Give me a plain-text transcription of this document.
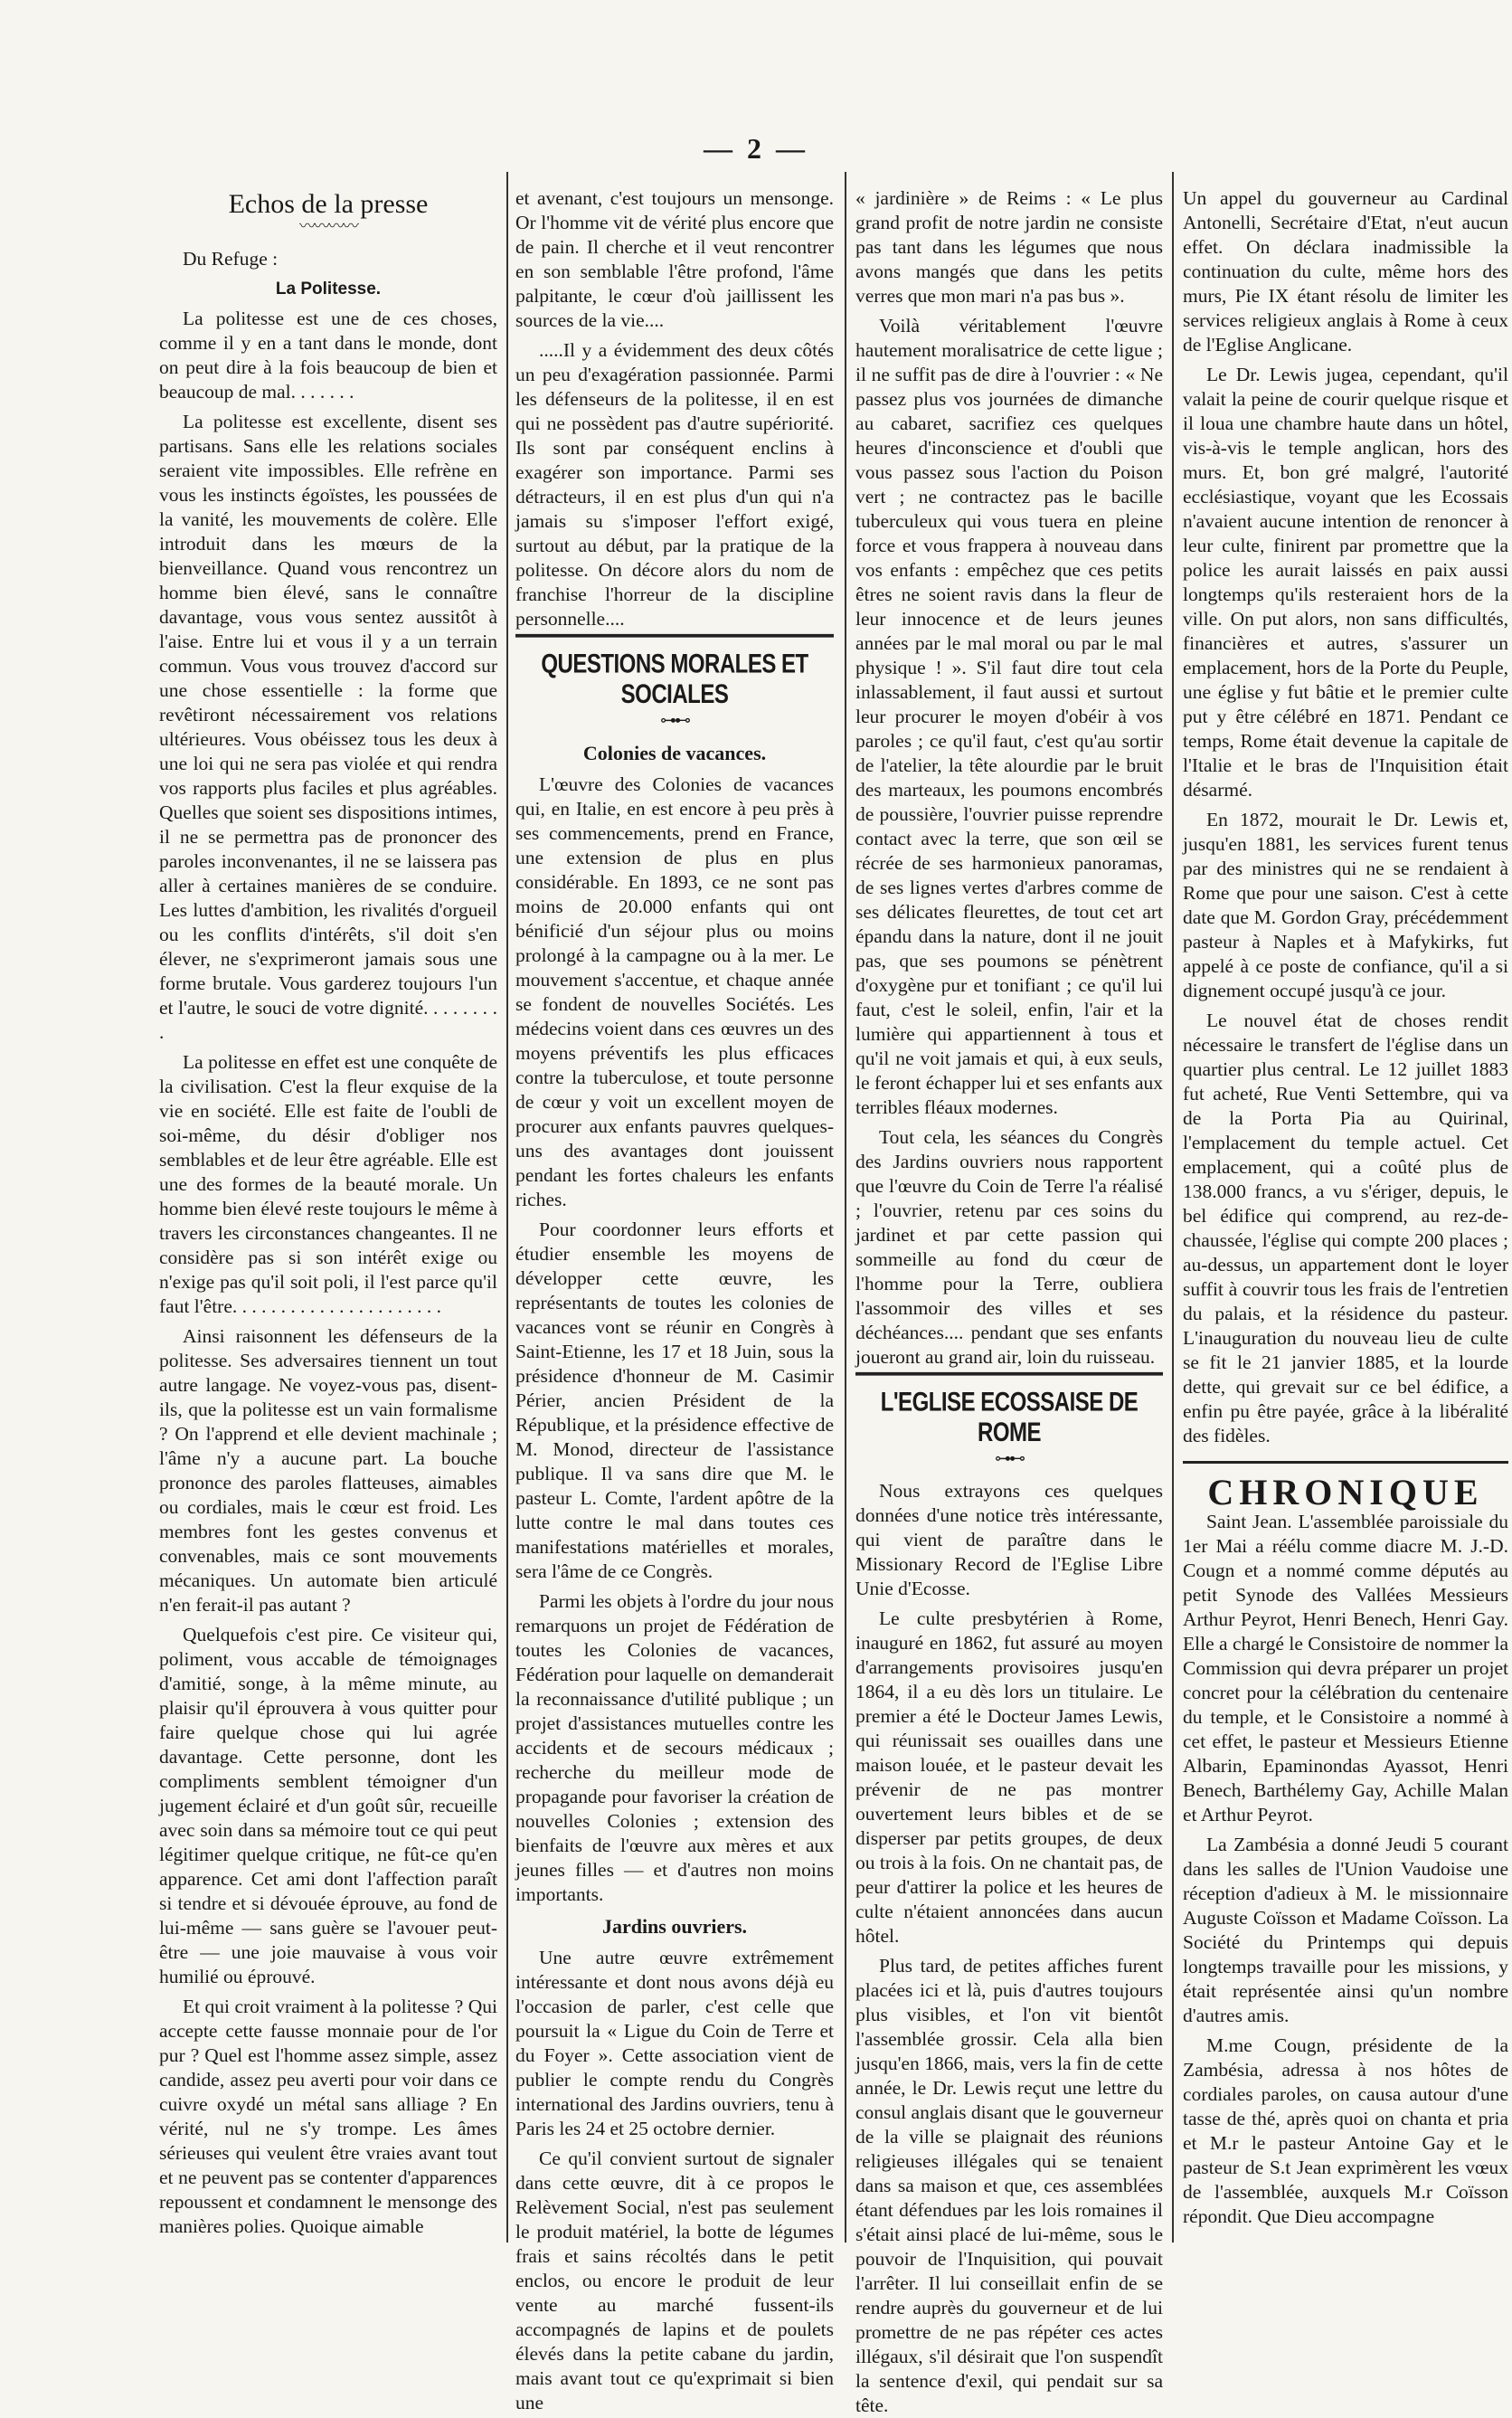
— 2 —
Echos de la presse
〰〰〰〰

Du Refuge :

La Politesse.

La politesse est une de ces choses, comme il y en a tant dans le monde, dont on peut dire à la fois beaucoup de bien et beaucoup de mal. . . . . . .

La politesse est excellente, disent ses partisans. Sans elle les relations sociales seraient vite impossibles. Elle refrène en vous les instincts égoïstes, les poussées de la vanité, les mouvements de colère. Elle introduit dans les mœurs de la bienveillance. Quand vous rencontrez un homme bien élevé, sans le connaître davantage, vous vous sentez aussitôt à l'aise. Entre lui et vous il y a un terrain commun. Vous vous trouvez d'accord sur une chose essentielle : la forme que revêtiront nécessairement vos relations ultérieures. Vous obéissez tous les deux à une loi qui ne sera pas violée et qui rendra vos rapports plus faciles et plus agréables. Quelles que soient ses dispositions intimes, il ne se permettra pas de prononcer des paroles inconvenantes, il ne se laissera pas aller à certaines manières de se conduire. Les luttes d'ambition, les rivalités d'orgueil ou les conflits d'intérêts, s'il doit s'en élever, ne s'exprimeront jamais sous une forme brutale. Vous garderez toujours l'un et l'autre, le souci de votre dignité. . . . . . . . .

La politesse en effet est une conquête de la civilisation. C'est la fleur exquise de la vie en société. Elle est faite de l'oubli de soi-même, du désir d'obliger nos semblables et de leur être agréable. Elle est une des formes de la beauté morale. Un homme bien élevé reste toujours le même à travers les circonstances changeantes. Il ne considère pas si son intérêt exige ou n'exige pas qu'il soit poli, il l'est parce qu'il faut l'être. . . . . . . . . . . . . . . . . . . . . .

Ainsi raisonnent les défenseurs de la politesse. Ses adversaires tiennent un tout autre langage. Ne voyez-vous pas, disent-ils, que la politesse est un vain formalisme ? On l'apprend et elle devient machinale ; l'âme n'y a aucune part. La bouche prononce des paroles flatteuses, aimables ou cordiales, mais le cœur est froid. Les membres font les gestes convenus et convenables, mais ce sont mouvements mécaniques. Un automate bien articulé n'en ferait-il pas autant ?

Quelquefois c'est pire. Ce visiteur qui, poliment, vous accable de témoignages d'amitié, songe, à la même minute, au plaisir qu'il éprouvera à vous quitter pour faire quelque chose qui lui agrée davantage. Cette personne, dont les compliments semblent témoigner d'un jugement éclairé et d'un goût sûr, recueille avec soin dans sa mémoire tout ce qui peut légitimer quelque critique, ne fût-ce qu'en apparence. Cet ami dont l'affection paraît si tendre et si dévouée éprouve, au fond de lui-même — sans guère se l'avouer peut-être — une joie mauvaise à vous voir humilié ou éprouvé.

Et qui croit vraiment à la politesse ? Qui accepte cette fausse monnaie pour de l'or pur ? Quel est l'homme assez simple, assez candide, assez peu averti pour voir dans ce cuivre oxydé un métal sans alliage ? En vérité, nul ne s'y trompe. Les âmes sérieuses qui veulent être vraies avant tout et ne peuvent pas se contenter d'apparences repoussent et condamnent le mensonge des manières polies. Quoique aimable

et avenant, c'est toujours un mensonge. Or l'homme vit de vérité plus encore que de pain. Il cherche et il veut rencontrer en son semblable l'être profond, l'âme palpitante, le cœur d'où jaillissent les sources de la vie....

.....Il y a évidemment des deux côtés un peu d'exagération passionnée. Parmi les défenseurs de la politesse, il en est qui ne possèdent pas d'autre supériorité. Ils sont par conséquent enclins à exagérer son importance. Parmi ses détracteurs, il en est plus d'un qui n'a jamais su s'imposer l'effort exigé, surtout au début, par la pratique de la politesse. On décore alors du nom de franchise l'horreur de la discipline personnelle....

QUESTIONS MORALES ET SOCIALES
⊶⊷
Colonies de vacances.

L'œuvre des Colonies de vacances qui, en Italie, en est encore à peu près à ses commencements, prend en France, une extension de plus en plus considérable. En 1893, ce ne sont pas moins de 20.000 enfants qui ont bénificié d'un séjour plus ou moins prolongé à la campagne ou à la mer. Le mouvement s'accentue, et chaque année se fondent de nouvelles Sociétés. Les médecins voient dans ces œuvres un des moyens préventifs les plus efficaces contre la tuberculose, et toute personne de cœur y voit un excellent moyen de procurer aux enfants pauvres quelques-uns des avantages dont jouissent pendant les fortes chaleurs les enfants riches.

Pour coordonner leurs efforts et étudier ensemble les moyens de développer cette œuvre, les représentants de toutes les colonies de vacances vont se réunir en Congrès à Saint-Etienne, les 17 et 18 Juin, sous la présidence d'honneur de M. Casimir Périer, ancien Président de la République, et la présidence effective de M. Monod, directeur de l'assistance publique. Il va sans dire que M. le pasteur L. Comte, l'ardent apôtre de la lutte contre le mal dans toutes ces manifestations matérielles et morales, sera l'âme de ce Congrès.

Parmi les objets à l'ordre du jour nous remarquons un projet de Fédération de toutes les Colonies de vacances, Fédération pour laquelle on demanderait la reconnaissance d'utilité publique ; un projet d'assistances mutuelles contre les accidents et de secours médicaux ; recherche du meilleur mode de propagande pour favoriser la création de nouvelles Colonies ; extension des bienfaits de l'œuvre aux mères et aux jeunes filles — et d'autres non moins importants.

Jardins ouvriers.

Une autre œuvre extrêmement intéressante et dont nous avons déjà eu l'occasion de parler, c'est celle que poursuit la « Ligue du Coin de Terre et du Foyer ». Cette association vient de publier le compte rendu du Congrès international des Jardins ouvriers, tenu à Paris les 24 et 25 octobre dernier.

Ce qu'il convient surtout de signaler dans cette œuvre, dit à ce propos le Relèvement Social, n'est pas seulement le produit matériel, la botte de légumes frais et sains récoltés dans le petit enclos, ou encore le produit de leur vente au marché fussent-ils accompagnés de lapins et de poulets élevés dans la petite cabane du jardin, mais avant tout ce qu'exprimait si bien une

« jardinière » de Reims : « Le plus grand profit de notre jardin ne consiste pas tant dans les légumes que nous avons mangés que dans les petits verres que mon mari n'a pas bus ».

Voilà véritablement l'œuvre hautement moralisatrice de cette ligue ; il ne suffit pas de dire à l'ouvrier : « Ne passez plus vos journées de dimanche au cabaret, sacrifiez ces quelques heures d'inconscience et d'oubli que vous passez sous l'action du Poison vert ; ne contractez pas le bacille tuberculeux qui vous tuera en pleine force et vous frappera à nouveau dans vos enfants : empêchez que ces petits êtres ne soient ravis dans la fleur de leur innocence et de leurs jeunes années par le mal moral ou par le mal physique ! ». S'il faut dire tout cela inlassablement, il faut aussi et surtout leur procurer le moyen d'obéir à vos paroles ; ce qu'il faut, c'est qu'au sortir de l'atelier, la tête alourdie par le bruit des marteaux, les poumons encombrés de poussière, l'ouvrier puisse reprendre contact avec la terre, que son œil se récrée de ses harmonieux panoramas, de ses lignes vertes d'arbres comme de ses délicates fleurettes, de tout cet art épandu dans la nature, dont il ne jouit pas, que ses poumons se pénètrent d'oxygène pur et tonifiant ; ce qu'il lui faut, c'est le soleil, enfin, l'air et la lumière qui appartiennent à tous et qu'il ne voit jamais et qui, à eux seuls, le feront échapper lui et ses enfants aux terribles fléaux modernes.

Tout cela, les séances du Congrès des Jardins ouvriers nous rapportent que l'œuvre du Coin de Terre l'a réalisé ; l'ouvrier, retenu par ces soins du jardinet et par cette passion qui sommeille au fond du cœur de l'homme pour la Terre, oubliera l'assommoir des villes et ses déchéances.... pendant que ses enfants joueront au grand air, loin du ruisseau.

L'EGLISE ECOSSAISE DE ROME
⊶⊷

Nous extrayons ces quelques données d'une notice très intéressante, qui vient de paraître dans le Missionary Record de l'Eglise Libre Unie d'Ecosse.

Le culte presbytérien à Rome, inauguré en 1862, fut assuré au moyen d'arrangements provisoires jusqu'en 1864, il a eu dès lors un titulaire. Le premier a été le Docteur James Lewis, qui réunissait ses ouailles dans une maison louée, et le pasteur devait les prévenir de ne pas montrer ouvertement leurs bibles et de se disperser par petits groupes, de deux ou trois à la fois. On ne chantait pas, de peur d'attirer la police et les heures de culte n'étaient annoncées dans aucun hôtel.

Plus tard, de petites affiches furent placées ici et là, puis d'autres toujours plus visibles, et l'on vit bientôt l'assemblée grossir. Cela alla bien jusqu'en 1866, mais, vers la fin de cette année, le Dr. Lewis reçut une lettre du consul anglais disant que le gouverneur de la ville se plaignait des réunions religieuses illégales qui se tenaient dans sa maison et que, ces assemblées étant défendues par les lois romaines il s'était ainsi placé de lui-même, sous le pouvoir de l'Inquisition, qui pouvait l'arrêter. Il lui conseillait enfin de se rendre auprès du gouverneur et de lui promettre de ne pas répéter ces actes illégaux, s'il désirait que l'on suspendît la sentence d'exil, qui pendait sur sa tête.

Un appel du gouverneur au Cardinal Antonelli, Secrétaire d'Etat, n'eut aucun effet. On déclara inadmissible la continuation du culte, même hors des murs, Pie IX étant résolu de limiter les services religieux anglais à Rome à ceux de l'Eglise Anglicane.

Le Dr. Lewis jugea, cependant, qu'il valait la peine de courir quelque risque et il loua une chambre haute dans un hôtel, vis-à-vis le temple anglican, hors des murs. Et, bon gré malgré, l'autorité ecclésiastique, voyant que les Ecossais n'avaient aucune intention de renoncer à leur culte, finirent par promettre que la police les aurait laissés en paix aussi longtemps qu'ils resteraient hors de la ville. On put alors, non sans difficultés, financières et autres, s'assurer un emplacement, hors de la Porte du Peuple, une église y fut bâtie et le premier culte put y être célébré en 1871. Pendant ce temps, Rome était devenue la capitale de l'Italie et le bras de l'Inquisition était désarmé.

En 1872, mourait le Dr. Lewis et, jusqu'en 1881, les services furent tenus par des ministres qui ne se rendaient à Rome que pour une saison. C'est à cette date que M. Gordon Gray, précédemment pasteur à Naples et à Mafykirks, fut appelé à ce poste de confiance, qu'il a si dignement occupé jusqu'à ce jour.

Le nouvel état de choses rendit nécessaire le transfert de l'église dans un quartier plus central. Le 12 juillet 1883 fut acheté, Rue Venti Settembre, qui va de la Porta Pia au Quirinal, l'emplacement du temple actuel. Cet emplacement, qui a coûté plus de 138.000 francs, a vu s'ériger, depuis, le bel édifice qui comprend, au rez-de-chaussée, l'église qui compte 200 places ; au-dessus, un appartement dont le loyer suffit à couvrir tous les frais de l'entretien du palais, et la résidence du pasteur. L'inauguration du nouveau lieu de culte se fit le 21 janvier 1885, et la lourde dette, qui grevait sur ce bel édifice, a enfin pu être payée, grâce à la libéralité des fidèles.

CHRONIQUE

Saint Jean. L'assemblée paroissiale du 1er Mai a réélu comme diacre M. J.-D. Cougn et a nommé comme députés au petit Synode des Vallées Messieurs Arthur Peyrot, Henri Benech, Henri Gay. Elle a chargé le Consistoire de nommer la Commission qui devra préparer un projet concret pour la célébration du centenaire du temple, et le Consistoire a nommé à cet effet, le pasteur et Messieurs Etienne Albarin, Epaminondas Ayassot, Henri Benech, Barthélemy Gay, Achille Malan et Arthur Peyrot.

La Zambésia a donné Jeudi 5 courant dans les salles de l'Union Vaudoise une réception d'adieux à M. le missionnaire Auguste Coïsson et Madame Coïsson. La Société du Printemps qui depuis longtemps travaille pour les missions, y était représentée ainsi qu'un nombre d'autres amis.

M.me Cougn, présidente de la Zambésia, adressa à nos hôtes de cordiales paroles, on causa autour d'une tasse de thé, après quoi on chanta et pria et M.r le pasteur Antoine Gay et le pasteur de S.t Jean exprimèrent les vœux de l'assemblée, auxquels M.r Coïsson répondit. Que Dieu accompagne
